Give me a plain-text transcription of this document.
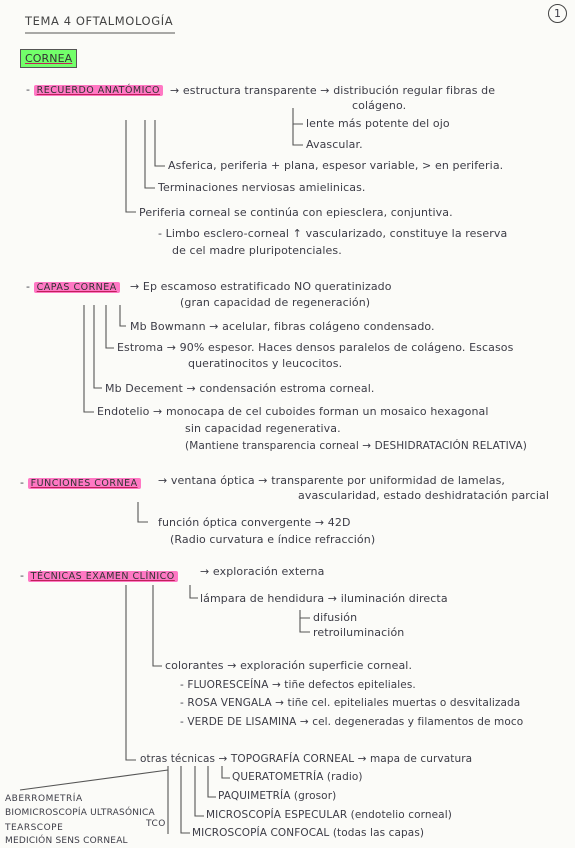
TEMA 4 OFTALMOLOGÍA
1
CORNEA
- RECUERDO ANATÓMICO → estructura transparente → distribución regular fibras de
colágeno.
lente más potente del ojo
Avascular.
Asferica, periferia + plana, espesor variable, > en periferia.
Terminaciones nerviosas amielinicas.
Periferia corneal se continúa con epiesclera, conjuntiva.
- Limbo esclero-corneal ↑ vascularizado, constituye la reserva
de cel madre pluripotenciales.
- CAPAS CORNEA → Ep escamoso estratificado NO queratinizado
(gran capacidad de regeneración)
Mb Bowmann → acelular, fibras colágeno condensado.
Estroma → 90% espesor. Haces densos paralelos de colágeno. Escasos
queratinocitos y leucocitos.
Mb Decement → condensación estroma corneal.
Endotelio → monocapa de cel cuboides forman un mosaico hexagonal
sin capacidad regenerativa.
(Mantiene transparencia corneal → DESHIDRATACIÓN RELATIVA)
- FUNCIONES CORNEA → ventana óptica → transparente por uniformidad de lamelas,
avascularidad, estado deshidratación parcial
función óptica convergente → 42D
(Radio curvatura e índice refracción)
- TÉCNICAS EXAMEN CLÍNICO → exploración externa
lámpara de hendidura → iluminación directa
difusión
retroiluminación
colorantes → exploración superficie corneal.
- FLUORESCEÍNA → tiñe defectos epiteliales.
- ROSA VENGALA → tiñe cel. epiteliales muertas o desvitalizada
- VERDE DE LISAMINA → cel. degeneradas y filamentos de moco
otras técnicas → TOPOGRAFÍA CORNEAL → mapa de curvatura
QUERATOMETRÍA (radio)
PAQUIMETRÍA (grosor)
MICROSCOPÍA ESPECULAR (endotelio corneal)
MICROSCOPÍA CONFOCAL (todas las capas)
ABERROMETRÍA
BIOMICROSCOPÍA ULTRASÓNICA
TEARSCOPE
MEDICIÓN SENS CORNEAL
TCO
